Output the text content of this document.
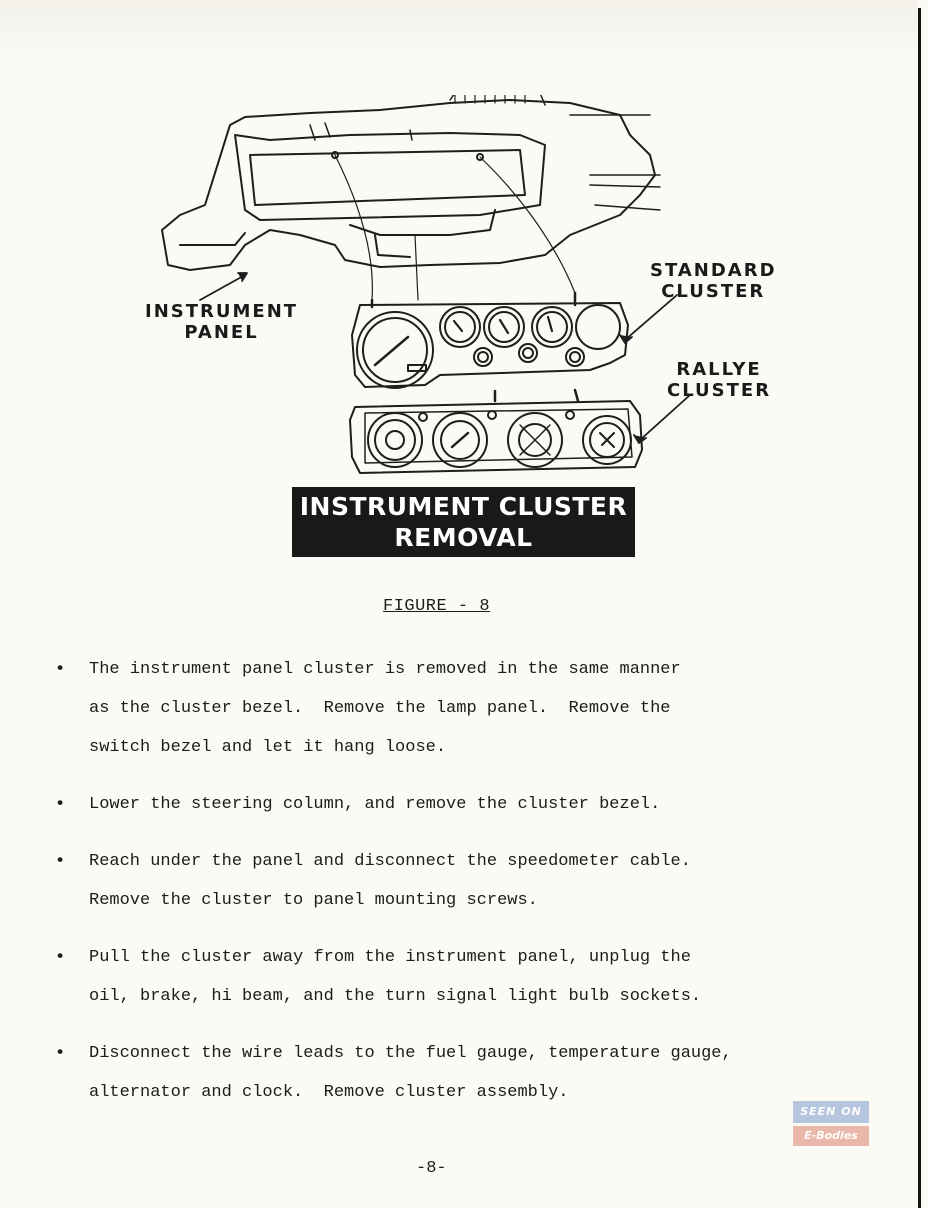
INSTRUMENT
PANEL
STANDARD
CLUSTER
RALLYE
CLUSTER
INSTRUMENT CLUSTER
REMOVAL
FIGURE - 8
• The instrument panel cluster is removed in the same manner
as the cluster bezel.  Remove the lamp panel.  Remove the
switch bezel and let it hang loose.
• Lower the steering column, and remove the cluster bezel.
• Reach under the panel and disconnect the speedometer cable.
Remove the cluster to panel mounting screws.
• Pull the cluster away from the instrument panel, unplug the
oil, brake, hi beam, and the turn signal light bulb sockets.
• Disconnect the wire leads to the fuel gauge, temperature gauge,
alternator and clock.  Remove cluster assembly.
-8-
SEEN ON
E-Bodies
